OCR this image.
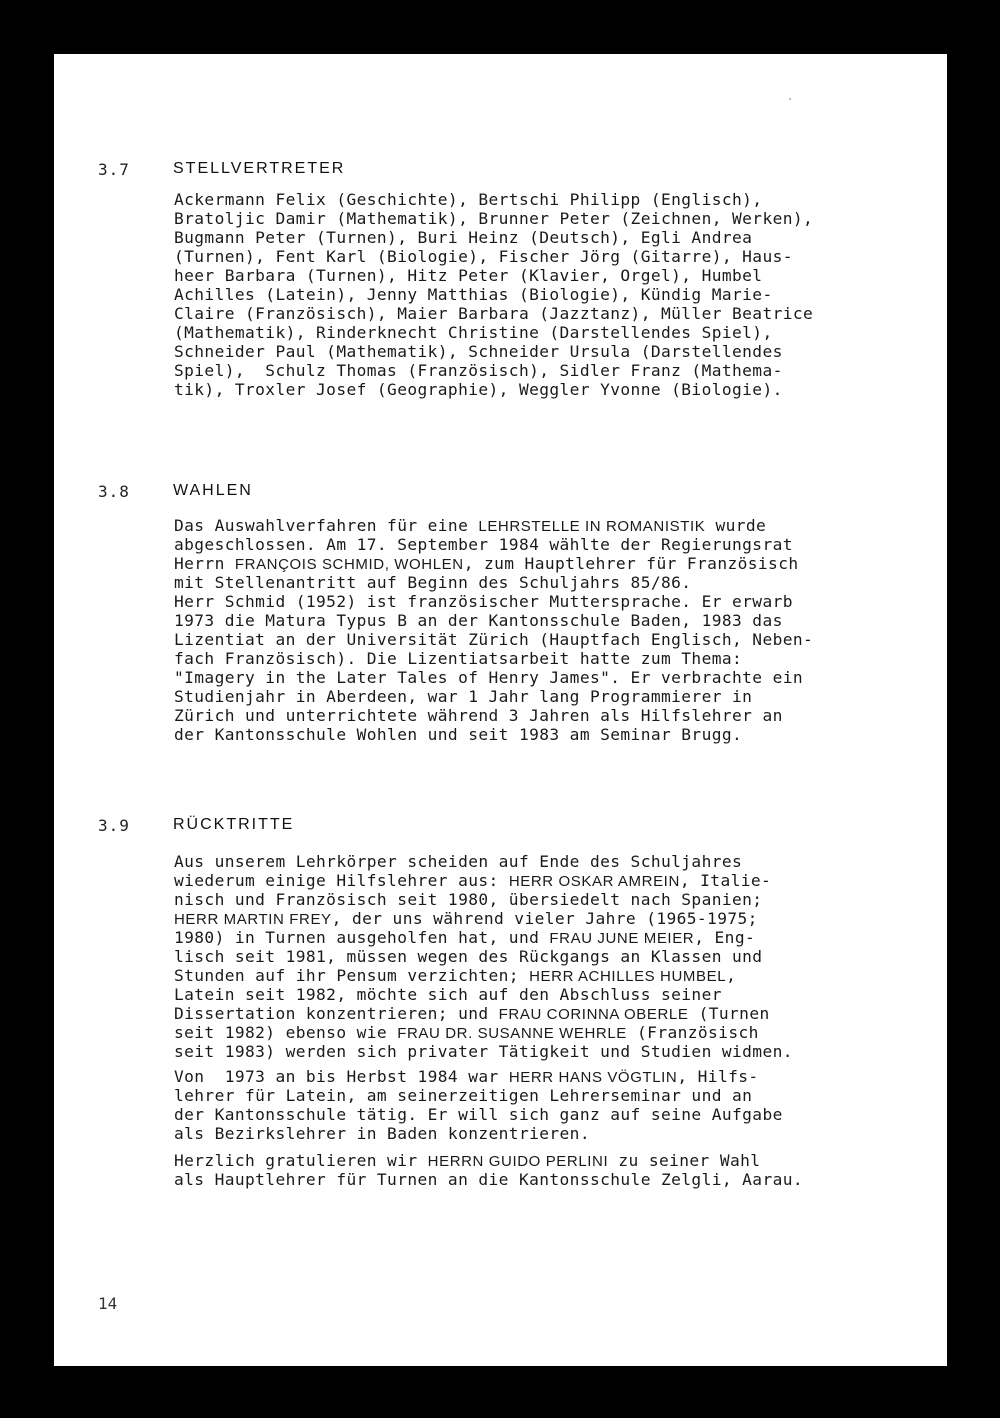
3.7	STELLVERTRETER
Ackermann Felix (Geschichte), Bertschi Philipp (Englisch),
Bratoljic Damir (Mathematik), Brunner Peter (Zeichnen, Werken),
Bugmann Peter (Turnen), Buri Heinz (Deutsch), Egli Andrea
(Turnen), Fent Karl (Biologie), Fischer Jörg (Gitarre), Haus-
heer Barbara (Turnen), Hitz Peter (Klavier, Orgel), Humbel
Achilles (Latein), Jenny Matthias (Biologie), Kündig Marie-
Claire (Französisch), Maier Barbara (Jazztanz), Müller Beatrice
(Mathematik), Rinderknecht Christine (Darstellendes Spiel),
Schneider Paul (Mathematik), Schneider Ursula (Darstellendes
Spiel),  Schulz Thomas (Französisch), Sidler Franz (Mathema-
tik), Troxler Josef (Geographie), Weggler Yvonne (Biologie).
3.8	WAHLEN
Das Auswahlverfahren für eine LEHRSTELLE IN ROMANISTIK wurde
abgeschlossen. Am 17. September 1984 wählte der Regierungsrat
Herrn FRANÇOIS SCHMID, WOHLEN, zum Hauptlehrer für Französisch
mit Stellenantritt auf Beginn des Schuljahrs 85/86.
Herr Schmid (1952) ist französischer Muttersprache. Er erwarb
1973 die Matura Typus B an der Kantonsschule Baden, 1983 das
Lizentiat an der Universität Zürich (Hauptfach Englisch, Neben-
fach Französisch). Die Lizentiatsarbeit hatte zum Thema:
"Imagery in the Later Tales of Henry James". Er verbrachte ein
Studienjahr in Aberdeen, war 1 Jahr lang Programmierer in
Zürich und unterrichtete während 3 Jahren als Hilfslehrer an
der Kantonsschule Wohlen und seit 1983 am Seminar Brugg.
3.9	RÜCKTRITTE
Aus unserem Lehrkörper scheiden auf Ende des Schuljahres
wiederum einige Hilfslehrer aus: HERR OSKAR AMREIN, Italie-
nisch und Französisch seit 1980, übersiedelt nach Spanien;
HERR MARTIN FREY, der uns während vieler Jahre (1965-1975;
1980) in Turnen ausgeholfen hat, und FRAU JUNE MEIER, Eng-
lisch seit 1981, müssen wegen des Rückgangs an Klassen und
Stunden auf ihr Pensum verzichten; HERR ACHILLES HUMBEL,
Latein seit 1982, möchte sich auf den Abschluss seiner
Dissertation konzentrieren; und FRAU CORINNA OBERLE (Turnen
seit 1982) ebenso wie FRAU DR. SUSANNE WEHRLE (Französisch
seit 1983) werden sich privater Tätigkeit und Studien widmen.
Von  1973 an bis Herbst 1984 war HERR HANS VÖGTLIN, Hilfs-
lehrer für Latein, am seinerzeitigen Lehrerseminar und an
der Kantonsschule tätig. Er will sich ganz auf seine Aufgabe
als Bezirkslehrer in Baden konzentrieren.
Herzlich gratulieren wir HERRN GUIDO PERLINI zu seiner Wahl
als Hauptlehrer für Turnen an die Kantonsschule Zelgli, Aarau.
14
